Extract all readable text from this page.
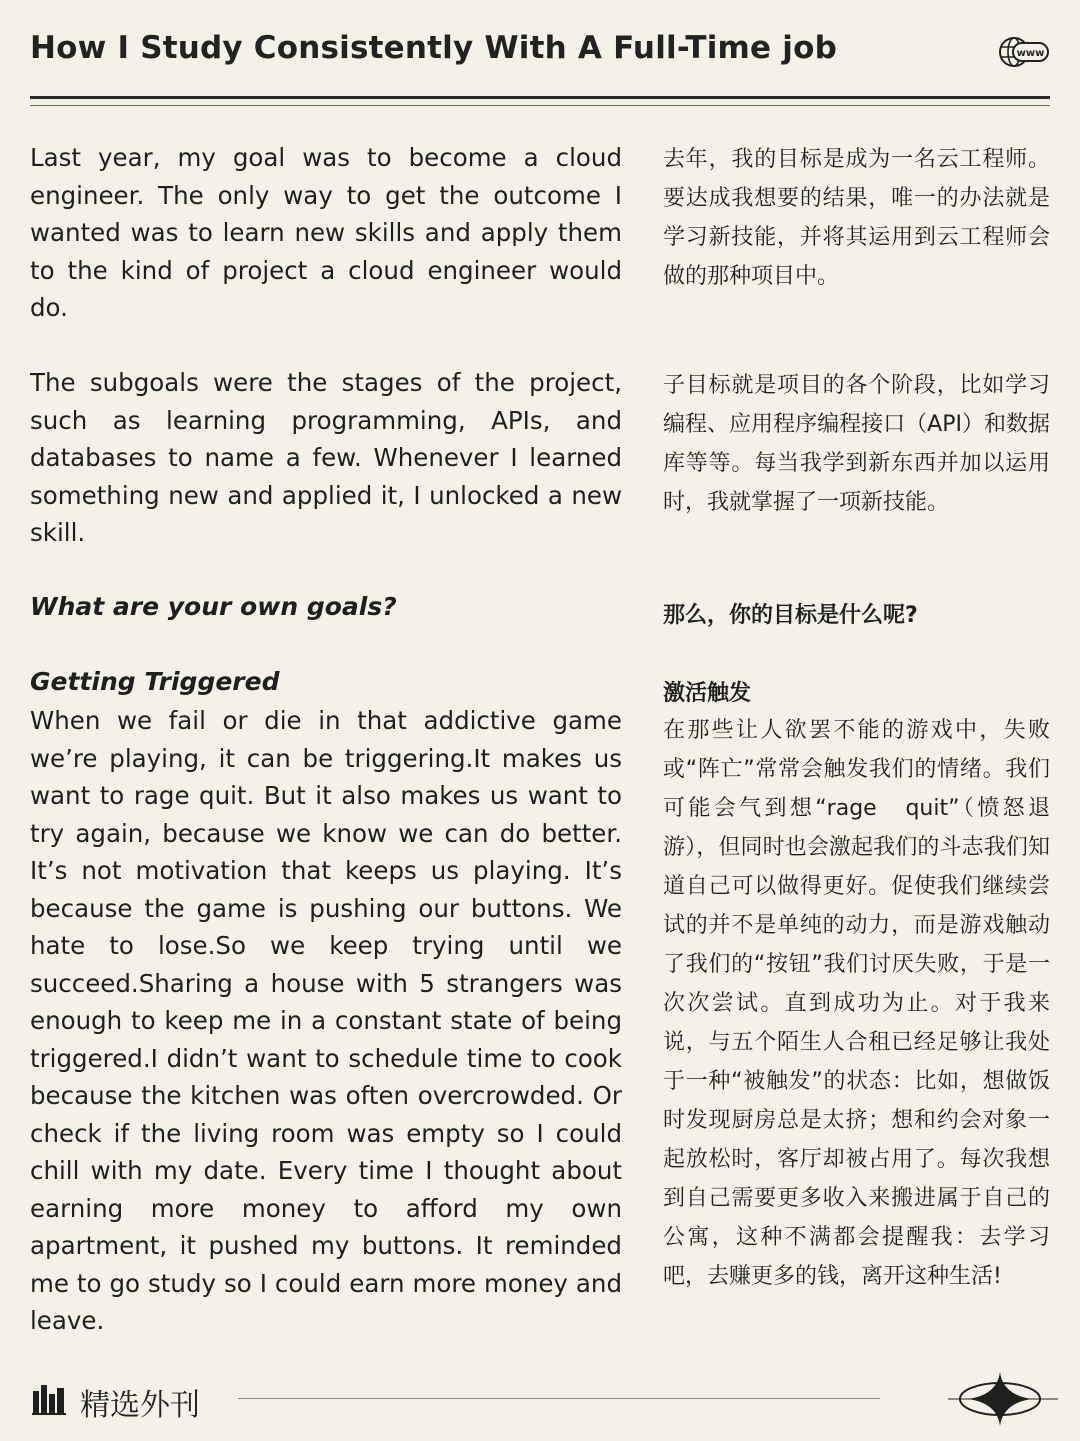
How I Study Consistently With A Full-Time job	www

Last year, my goal was to become a cloud engineer. The only way to get the outcome I wanted was to learn new skills and apply them to the kind of project a cloud engineer would do.

去年，我的目标是成为一名云工程师。要达成我想要的结果，唯一的办法就是学习新技能，并将其运用到云工程师会做的那种项目中。

The subgoals were the stages of the project, such as learning programming, APIs, and databases to name a few. Whenever I learned something new and applied it, I unlocked a new skill.

子目标就是项目的各个阶段，比如学习编程、应用程序编程接口（API）和数据库等等。每当我学到新东西并加以运用时，我就掌握了一项新技能。

What are your own goals?	那么，你的目标是什么呢?

Getting Triggered	激活触发

When we fail or die in that addictive game we’re playing, it can be triggering.It makes us want to rage quit. But it also makes us want to try again, because we know we can do better. It’s not motivation that keeps us playing. It’s because the game is pushing our buttons. We hate to lose.So we keep trying until we succeed.Sharing a house with 5 strangers was enough to keep me in a constant state of being triggered.I didn’t want to schedule time to cook because the kitchen was often overcrowded. Or check if the living room was empty so I could chill with my date. Every time I thought about earning more money to afford my own apartment, it pushed my buttons. It reminded me to go study so I could earn more money and leave.

在那些让人欲罢不能的游戏中，失败或“阵亡”常常会触发我们的情绪。我们可能会气到想“rage　quit”（愤怒退游），但同时也会激起我们的斗志我们知道自己可以做得更好。促使我们继续尝试的并不是单纯的动力，而是游戏触动了我们的“按钮”我们讨厌失败，于是一次次尝试。直到成功为止。对于我来说，与五个陌生人合租已经足够让我处于一种“被触发”的状态：比如，想做饭时发现厨房总是太挤；想和约会对象一起放松时，客厅却被占用了。每次我想到自己需要更多收入来搬进属于自己的公寓，这种不满都会提醒我：去学习吧，去赚更多的钱，离开这种生活!

精选外刊
